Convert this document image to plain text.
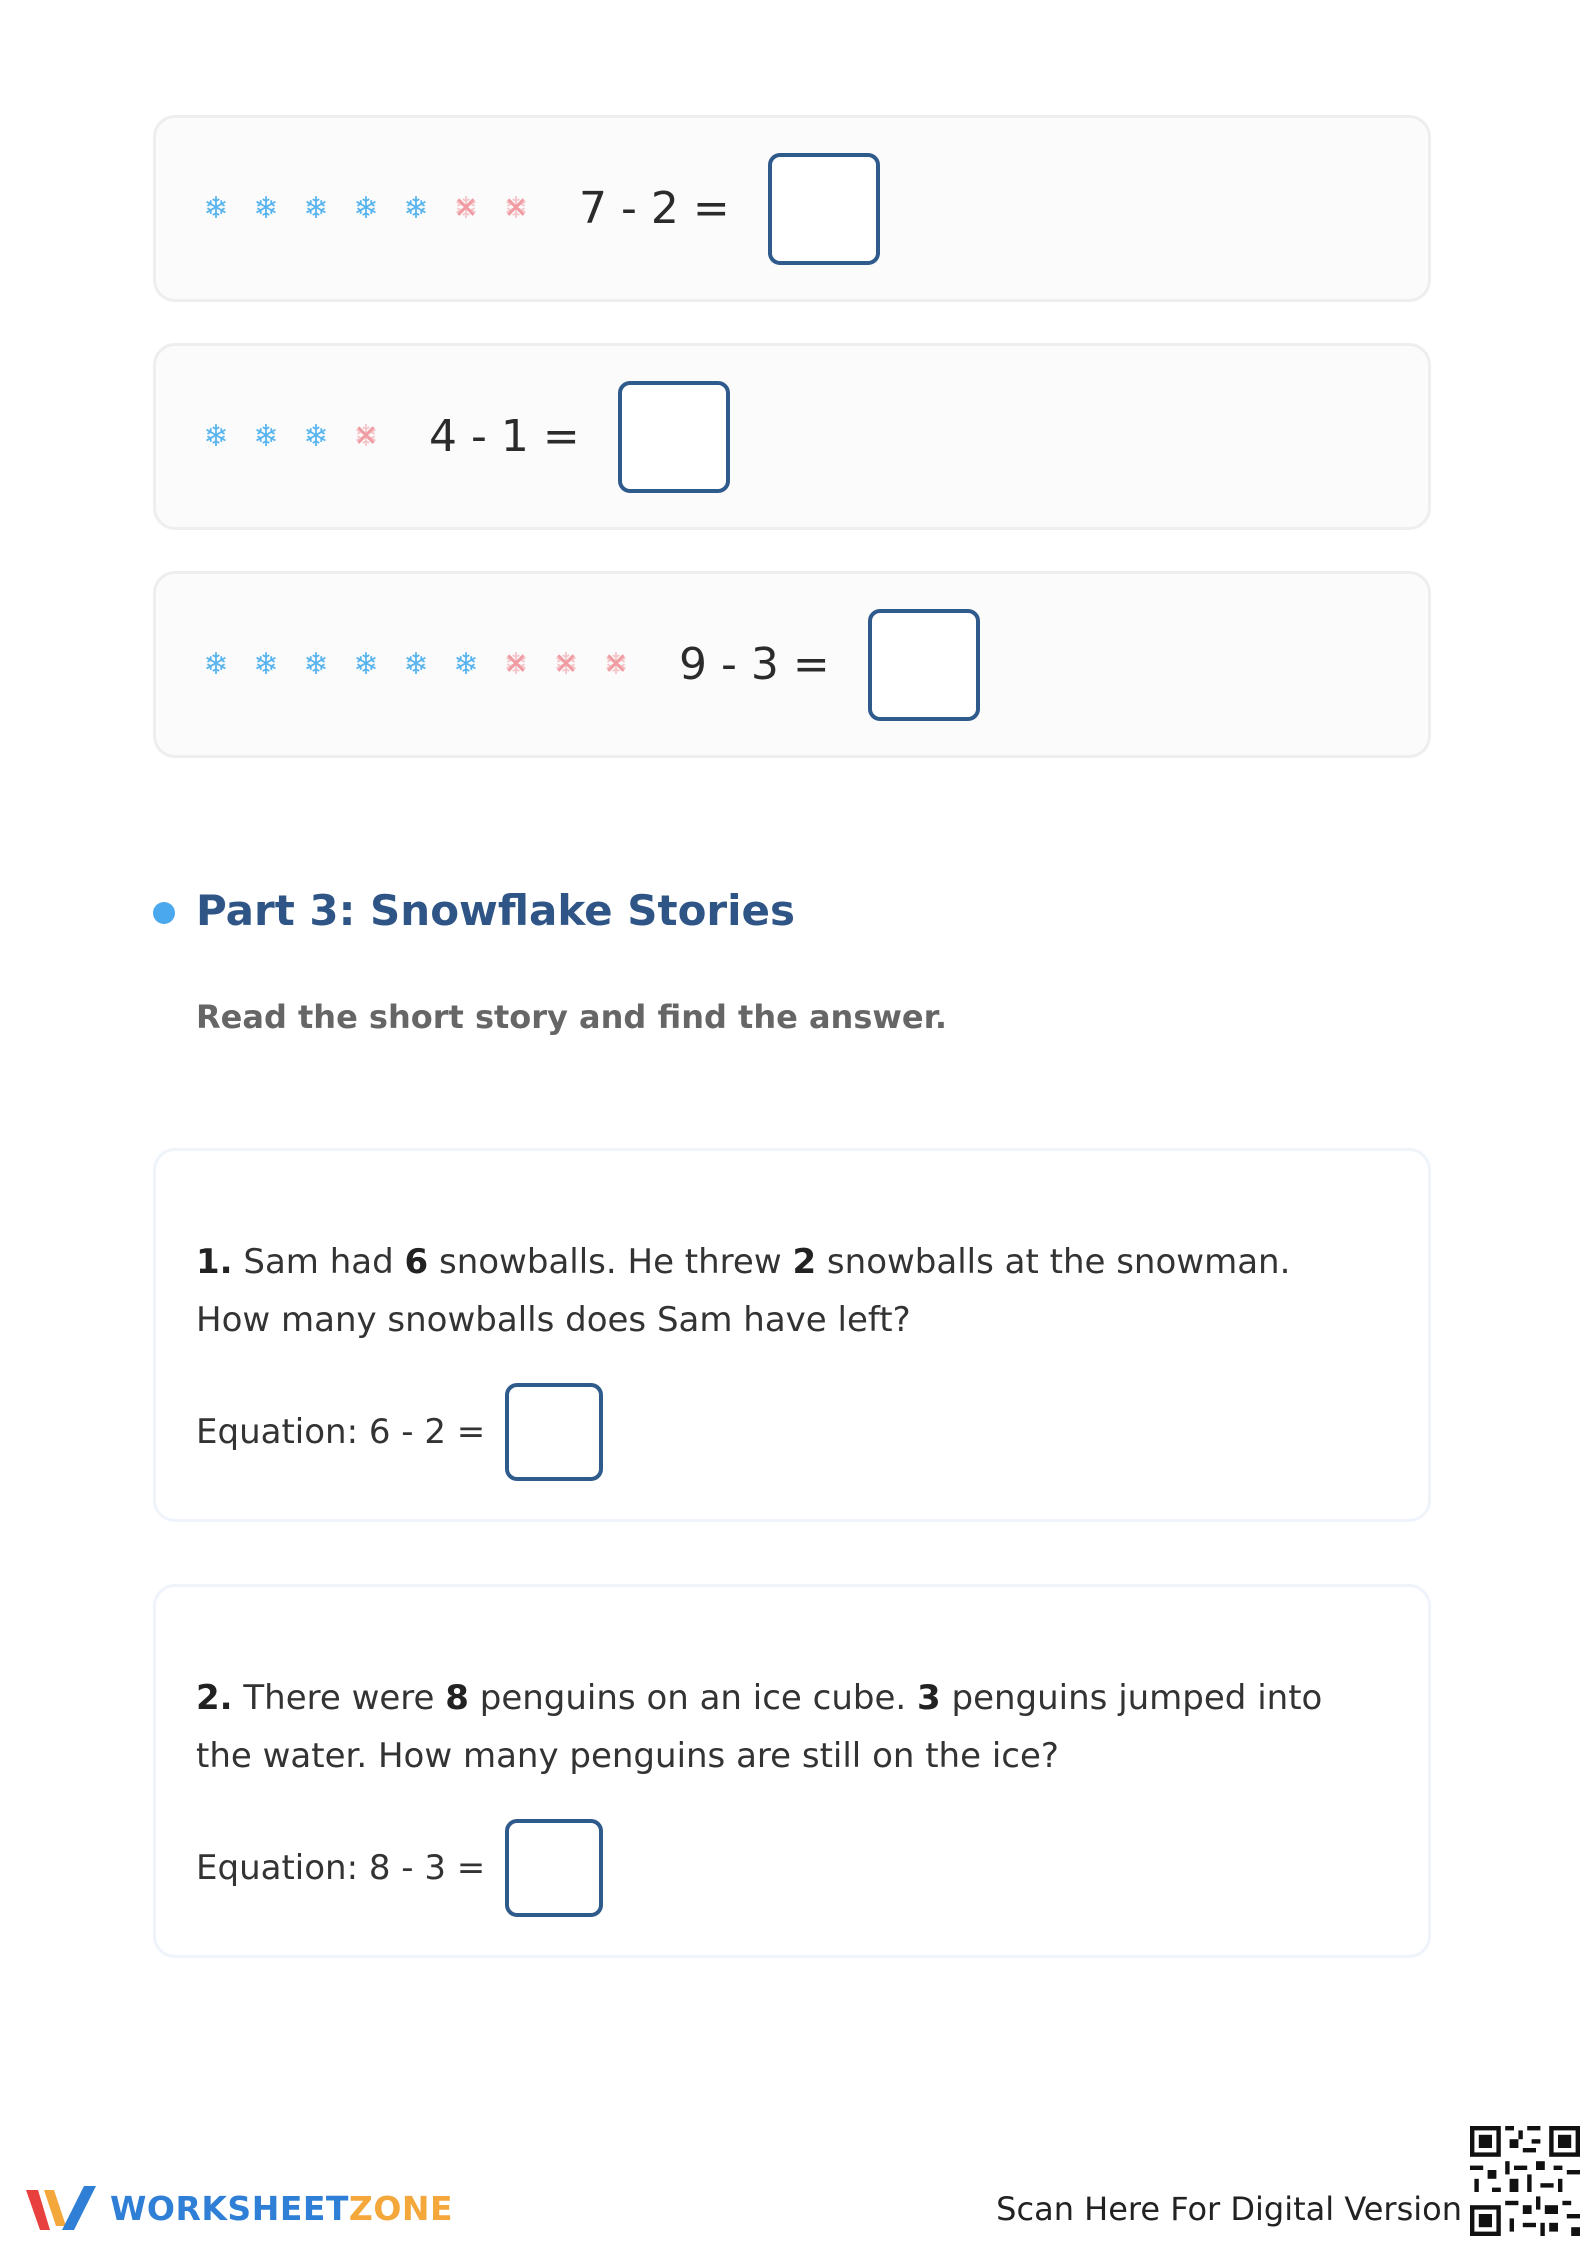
❄ ❄ ❄ ❄ ❄ ❄ ✕ ❄ ✕ 7 - 2 =
❄ ❄ ❄ ❄ ✕ 4 - 1 =
❄ ❄ ❄ ❄ ❄ ❄ ❄ ✕ ❄ ✕ ❄ ✕ 9 - 3 =
Part 3: Snowflake Stories

Read the short story and find the answer.

1. Sam had 6 snowballs. He threw 2 snowballs at the snowman. How many snowballs does Sam have left?

Equation: 6 - 2 =

2. There were 8 penguins on an ice cube. 3 penguins jumped into the water. How many penguins are still on the ice?

Equation: 8 - 3 =
WORKSHEETZONE	Scan Here For Digital Version
